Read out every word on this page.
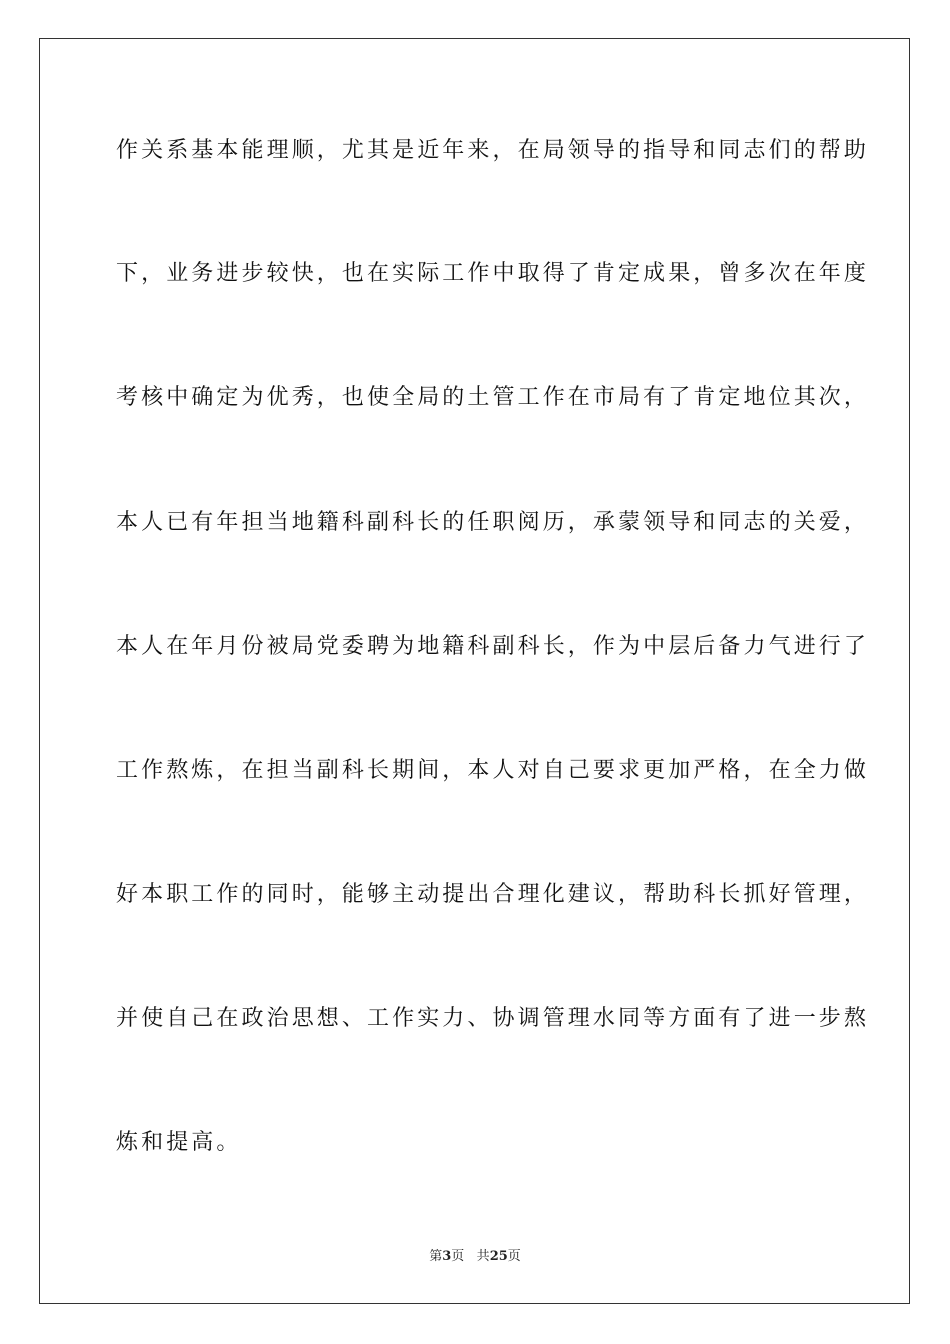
作关系基本能理顺，尤其是近年来，在局领导的指导和同志们的帮助
下，业务进步较快，也在实际工作中取得了肯定成果，曾多次在年度
考核中确定为优秀，也使全局的土管工作在市局有了肯定地位其次，
本人已有年担当地籍科副科长的任职阅历，承蒙领导和同志的关爱，
本人在年月份被局党委聘为地籍科副科长，作为中层后备力气进行了
工作熬炼，在担当副科长期间，本人对自己要求更加严格，在全力做
好本职工作的同时，能够主动提出合理化建议，帮助科长抓好管理，
并使自己在政治思想、工作实力、协调管理水同等方面有了进一步熬
炼和提高。
第3页 共25页
